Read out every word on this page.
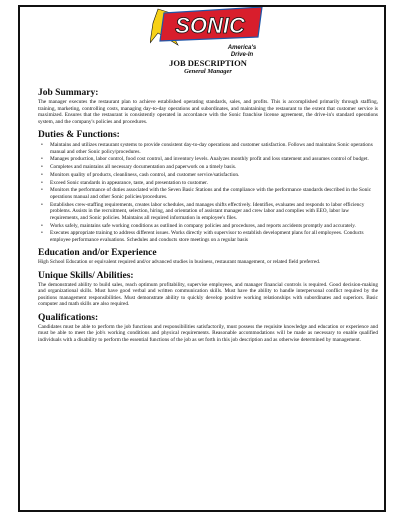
SONIC
America's
Drive-In
JOB DESCRIPTION
General Manager
Job Summary:

The manager executes the restaurant plan to achieve established operating standards, sales, and profits. This is accomplished primarily through staffing, training, marketing, controlling costs, managing day-to-day operations and subordinates, and maintaining the restaurant to the extent that customer service is maximized. Ensures that the restaurant is consistently operated in accordance with the Sonic franchise license agreement, the drive-in's standard operations system, and the company's policies and procedures.

Duties & Functions:
• Maintains and utilizes restaurant systems to provide consistent day-to-day operations and customer satisfaction. Follows and maintains Sonic operations manual and other Sonic policy/procedures.
• Manages production, labor control, food cost control, and inventory levels. Analyzes monthly profit and loss statement and assumes control of budget.
• Completes and maintains all necessary documentation and paperwork on a timely basis.
• Monitors quality of products, cleanliness, cash control, and customer service/satisfaction.
• Exceed Sonic standards in appearance, taste, and presentation to customer.
• Monitors the performance of duties associated with the Seven Basic Stations and the compliance with the performance standards described in the Sonic operations manual and other Sonic policies/procedures.
• Establishes crew-staffing requirements, creates labor schedules, and manages shifts effectively. Identifies, evaluates and responds to labor efficiency problems. Assists in the recruitment, selection, hiring, and orientation of assistant manager and crew labor and complies with EEO, labor law requirements, and Sonic policies. Maintains all required information in employee's files.
• Works safely, maintains safe working conditions as outlined in company policies and procedures, and reports accidents promptly and accurately.
• Executes appropriate training to address different issues. Works directly with supervisor to establish development plans for all employees. Conducts employee performance evaluations. Schedules and conducts store meetings on a regular basis
Education and/or Experience

High School Education or equivalent required and/or advanced studies in business, restaurant management, or related field preferred.

Unique Skills/ Abilities:

The demonstrated ability to build sales, reach optimum profitability, supervise employees, and manager financial controls is required. Good decision-making and organizational skills. Must have good verbal and written communication skills. Must have the ability to handle interpersonal conflict required by the positions management responsibilities. Must demonstrate ability to quickly develop positive working relationships with subordinates and superiors. Basic computer and math skills are also required.

Qualifications:

Candidates must be able to perform the job functions and responsibilities satisfactorily, must possess the requisite knowledge and education or experience and must be able to meet the job's working conditions and physical requirements. Reasonable accommodations will be made as necessary to enable qualified individuals with a disability to perform the essential functions of the job as set forth in this job description and as otherwise determined by management.
